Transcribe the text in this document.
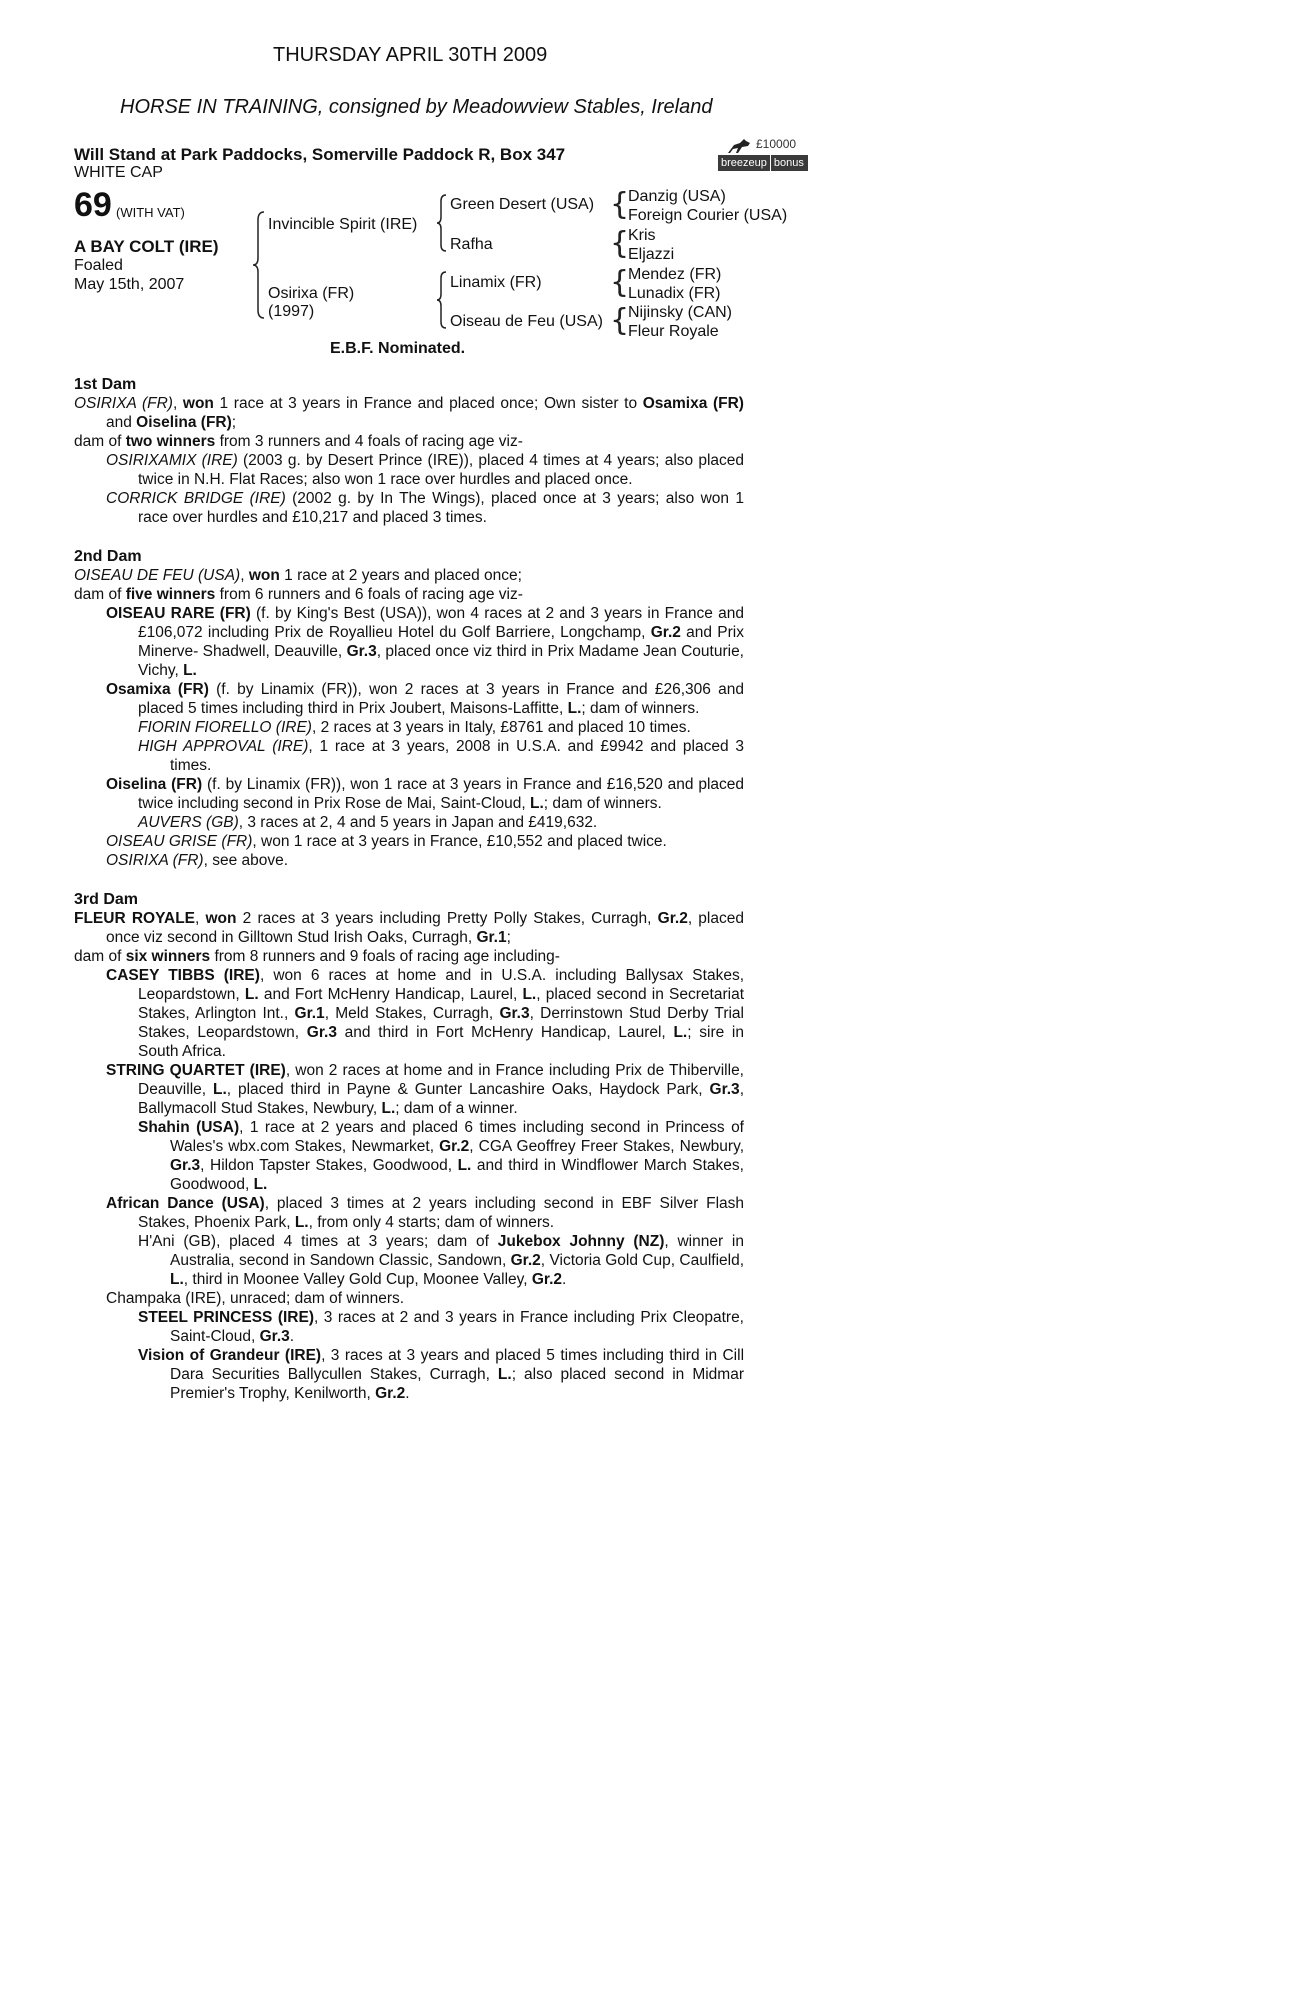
THURSDAY APRIL 30TH 2009
HORSE IN TRAINING, consigned by Meadowview Stables, Ireland
Will Stand at Park Paddocks, Somerville Paddock R, Box 347
WHITE CAP
69 (WITH VAT)
A BAY COLT (IRE)
Foaled
May 15th, 2007
£10000
breezeup bonus
Invincible Spirit (IRE)
Osirixa (FR)
(1997)
Green Desert (USA)
Rafha
Linamix (FR)
Oiseau de Feu (USA)
{
Danzig (USA)
Foreign Courier (USA)
{
Kris
Eljazzi
{
Mendez (FR)
Lunadix (FR)
{
Nijinsky (CAN)
Fleur Royale
E.B.F. Nominated.
1st Dam
OSIRIXA (FR), won 1 race at 3 years in France and placed once; Own sister to Osamixa (FR) and Oiselina (FR);
dam of two winners from 3 runners and 4 foals of racing age viz-
OSIRIXAMIX (IRE) (2003 g. by Desert Prince (IRE)), placed 4 times at 4 years; also placed twice in N.H. Flat Races; also won 1 race over hurdles and placed once.
CORRICK BRIDGE (IRE) (2002 g. by In The Wings), placed once at 3 years; also won 1 race over hurdles and £10,217 and placed 3 times.
2nd Dam
OISEAU DE FEU (USA), won 1 race at 2 years and placed once;
dam of five winners from 6 runners and 6 foals of racing age viz-
OISEAU RARE (FR) (f. by King's Best (USA)), won 4 races at 2 and 3 years in France and £106,072 including Prix de Royallieu Hotel du Golf Barriere, Longchamp, Gr.2 and Prix Minerve- Shadwell, Deauville, Gr.3, placed once viz third in Prix Madame Jean Couturie, Vichy, L.
Osamixa (FR) (f. by Linamix (FR)), won 2 races at 3 years in France and £26,306 and placed 5 times including third in Prix Joubert, Maisons-Laffitte, L.; dam of winners.
FIORIN FIORELLO (IRE), 2 races at 3 years in Italy, £8761 and placed 10 times.
HIGH APPROVAL (IRE), 1 race at 3 years, 2008 in U.S.A. and £9942 and placed 3 times.
Oiselina (FR) (f. by Linamix (FR)), won 1 race at 3 years in France and £16,520 and placed twice including second in Prix Rose de Mai, Saint-Cloud, L.; dam of winners.
AUVERS (GB), 3 races at 2, 4 and 5 years in Japan and £419,632.
OISEAU GRISE (FR), won 1 race at 3 years in France, £10,552 and placed twice.
OSIRIXA (FR), see above.
3rd Dam
FLEUR ROYALE, won 2 races at 3 years including Pretty Polly Stakes, Curragh, Gr.2, placed once viz second in Gilltown Stud Irish Oaks, Curragh, Gr.1;
dam of six winners from 8 runners and 9 foals of racing age including-
CASEY TIBBS (IRE), won 6 races at home and in U.S.A. including Ballysax Stakes, Leopardstown, L. and Fort McHenry Handicap, Laurel, L., placed second in Secretariat Stakes, Arlington Int., Gr.1, Meld Stakes, Curragh, Gr.3, Derrinstown Stud Derby Trial Stakes, Leopardstown, Gr.3 and third in Fort McHenry Handicap, Laurel, L.; sire in South Africa.
STRING QUARTET (IRE), won 2 races at home and in France including Prix de Thiberville, Deauville, L., placed third in Payne & Gunter Lancashire Oaks, Haydock Park, Gr.3, Ballymacoll Stud Stakes, Newbury, L.; dam of a winner.
Shahin (USA), 1 race at 2 years and placed 6 times including second in Princess of Wales's wbx.com Stakes, Newmarket, Gr.2, CGA Geoffrey Freer Stakes, Newbury, Gr.3, Hildon Tapster Stakes, Goodwood, L. and third in Windflower March Stakes, Goodwood, L.
African Dance (USA), placed 3 times at 2 years including second in EBF Silver Flash Stakes, Phoenix Park, L., from only 4 starts; dam of winners.
H'Ani (GB), placed 4 times at 3 years; dam of Jukebox Johnny (NZ), winner in Australia, second in Sandown Classic, Sandown, Gr.2, Victoria Gold Cup, Caulfield, L., third in Moonee Valley Gold Cup, Moonee Valley, Gr.2.
Champaka (IRE), unraced; dam of winners.
STEEL PRINCESS (IRE), 3 races at 2 and 3 years in France including Prix Cleopatre, Saint-Cloud, Gr.3.
Vision of Grandeur (IRE), 3 races at 3 years and placed 5 times including third in Cill Dara Securities Ballycullen Stakes, Curragh, L.; also placed second in Midmar Premier's Trophy, Kenilworth, Gr.2.
